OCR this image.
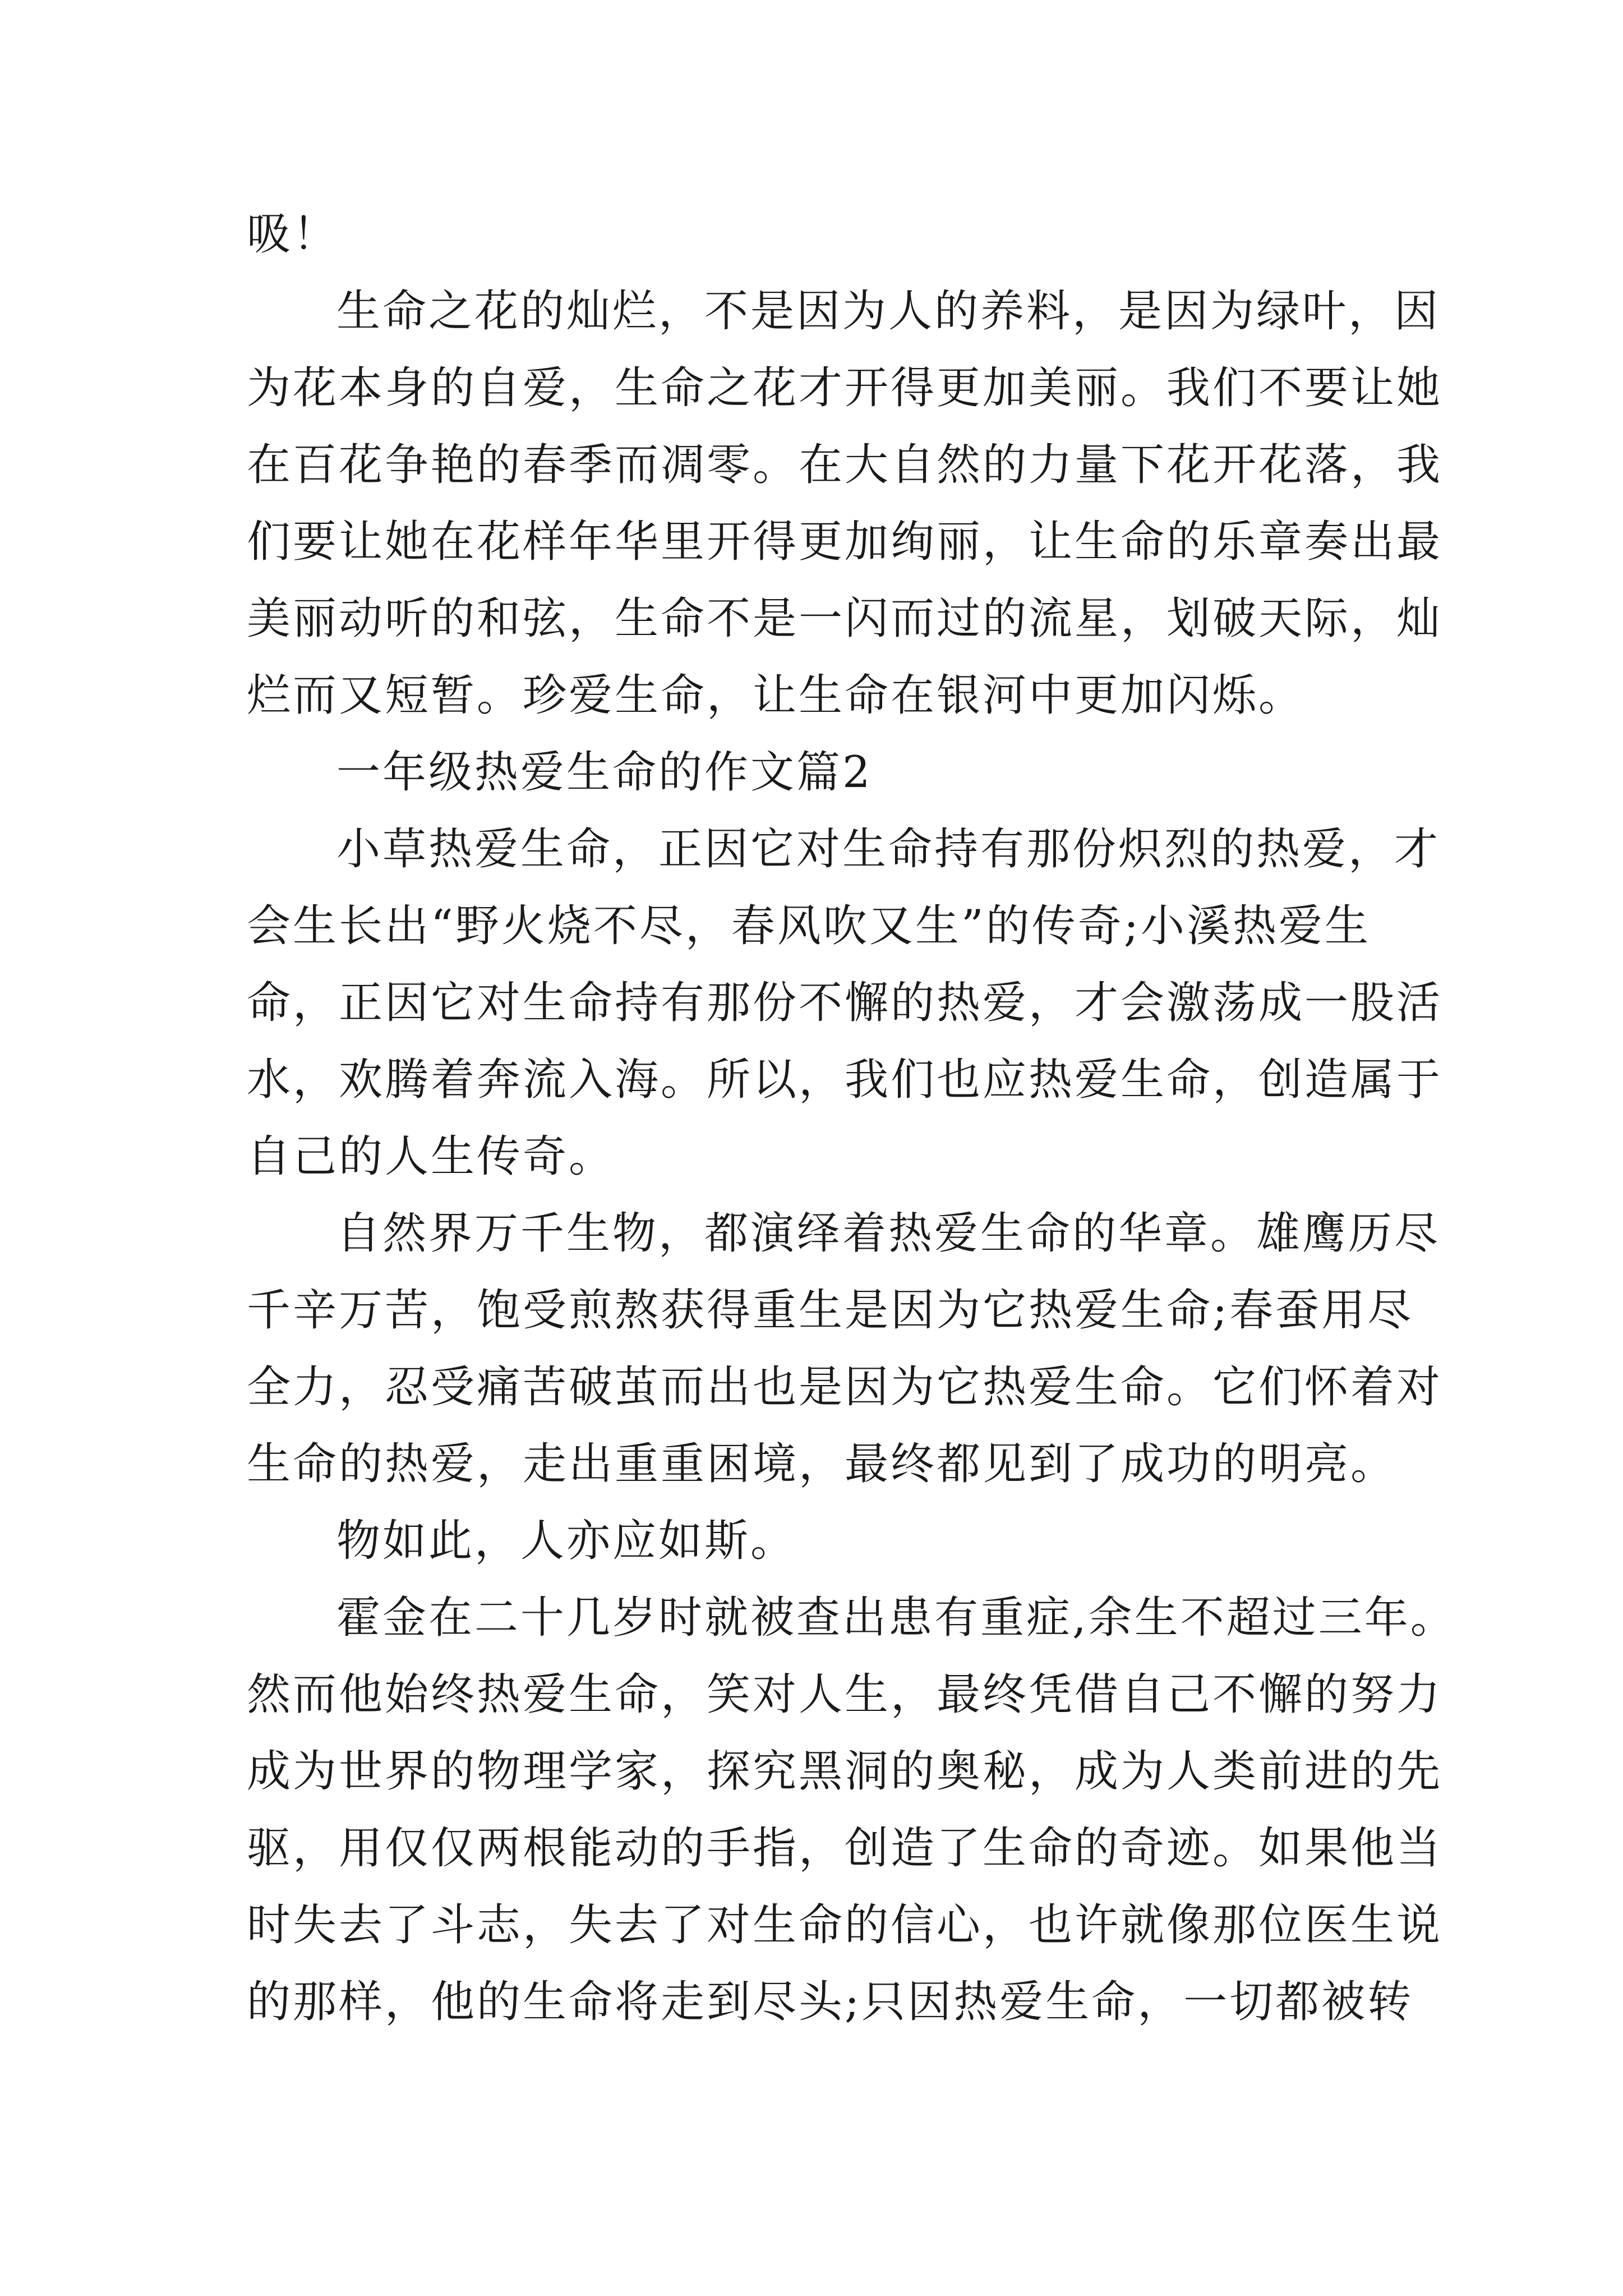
吸！
生命之花的灿烂，不是因为人的养料，是因为绿叶，因
为花本身的自爱，生命之花才开得更加美丽。我们不要让她
在百花争艳的春季而凋零。在大自然的力量下花开花落，我
们要让她在花样年华里开得更加绚丽，让生命的乐章奏出最
美丽动听的和弦，生命不是一闪而过的流星，划破天际，灿
烂而又短暂。珍爱生命，让生命在银河中更加闪烁。
一年级热爱生命的作文篇2
小草热爱生命，正因它对生命持有那份炽烈的热爱，才
会生长出“野火烧不尽，春风吹又生”的传奇;小溪热爱生
命，正因它对生命持有那份不懈的热爱，才会激荡成一股活
水，欢腾着奔流入海。所以，我们也应热爱生命，创造属于
自己的人生传奇。
自然界万千生物，都演绎着热爱生命的华章。雄鹰历尽
千辛万苦，饱受煎熬获得重生是因为它热爱生命;春蚕用尽
全力，忍受痛苦破茧而出也是因为它热爱生命。它们怀着对
生命的热爱，走出重重困境，最终都见到了成功的明亮。
物如此，人亦应如斯。
霍金在二十几岁时就被查出患有重症,余生不超过三年。
然而他始终热爱生命，笑对人生，最终凭借自己不懈的努力
成为世界的物理学家，探究黑洞的奥秘，成为人类前进的先
驱，用仅仅两根能动的手指，创造了生命的奇迹。如果他当
时失去了斗志，失去了对生命的信心，也许就像那位医生说
的那样，他的生命将走到尽头;只因热爱生命，一切都被转
